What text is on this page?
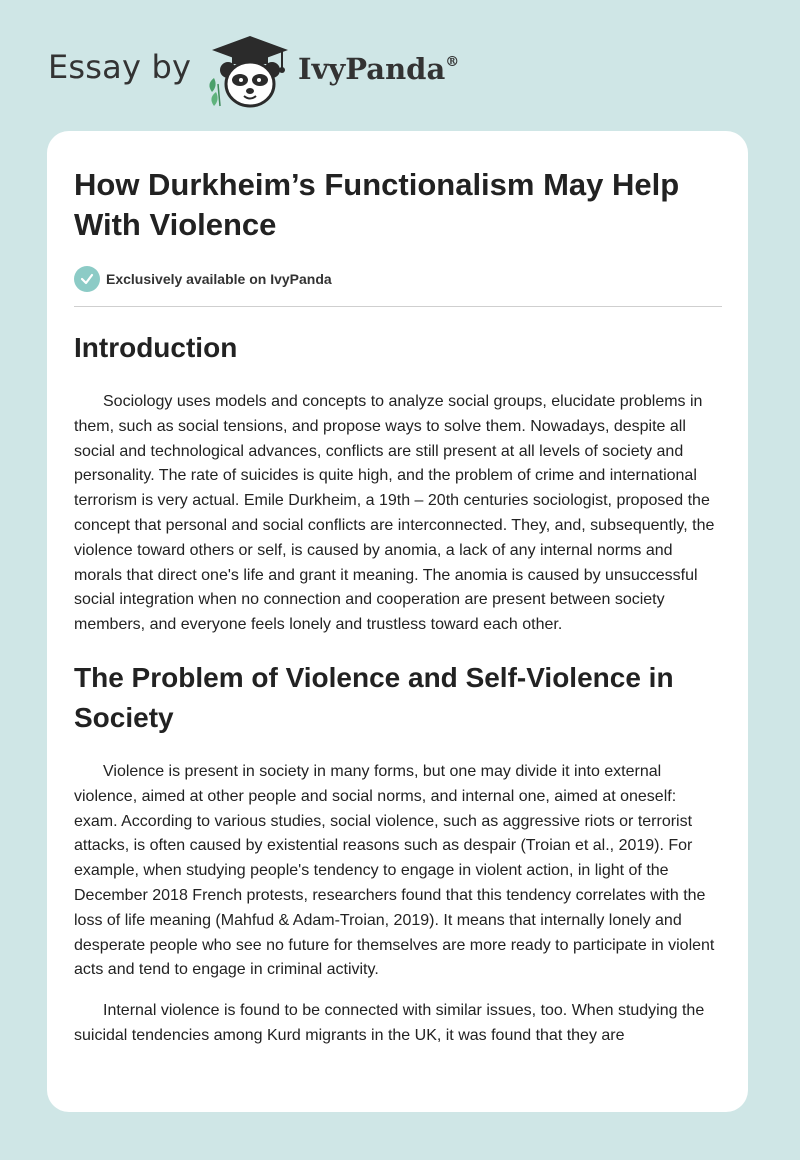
Essay by	IvyPanda®
How Durkheim’s Functionalism May Help With Violence
Exclusively available on IvyPanda
Introduction

Sociology uses models and concepts to analyze social groups, elucidate problems in them, such as social tensions, and propose ways to solve them. Nowadays, despite all social and technological advances, conflicts are still present at all levels of society and personality. The rate of suicides is quite high, and the problem of crime and international terrorism is very actual. Emile Durkheim, a 19th – 20th centuries sociologist, proposed the concept that personal and social conflicts are interconnected. They, and, subsequently, the violence toward others or self, is caused by anomia, a lack of any internal norms and morals that direct one's life and grant it meaning. The anomia is caused by unsuccessful social integration when no connection and cooperation are present between society members, and everyone feels lonely and trustless toward each other.

The Problem of Violence and Self-Violence in Society

Violence is present in society in many forms, but one may divide it into external violence, aimed at other people and social norms, and internal one, aimed at oneself: exam. According to various studies, social violence, such as aggressive riots or terrorist attacks, is often caused by existential reasons such as despair (Troian et al., 2019). For example, when studying people's tendency to engage in violent action, in light of the December 2018 French protests, researchers found that this tendency correlates with the loss of life meaning (Mahfud & Adam-Troian, 2019). It means that internally lonely and desperate people who see no future for themselves are more ready to participate in violent acts and tend to engage in criminal activity.

Internal violence is found to be connected with similar issues, too. When studying the suicidal tendencies among Kurd migrants in the UK, it was found that they are
